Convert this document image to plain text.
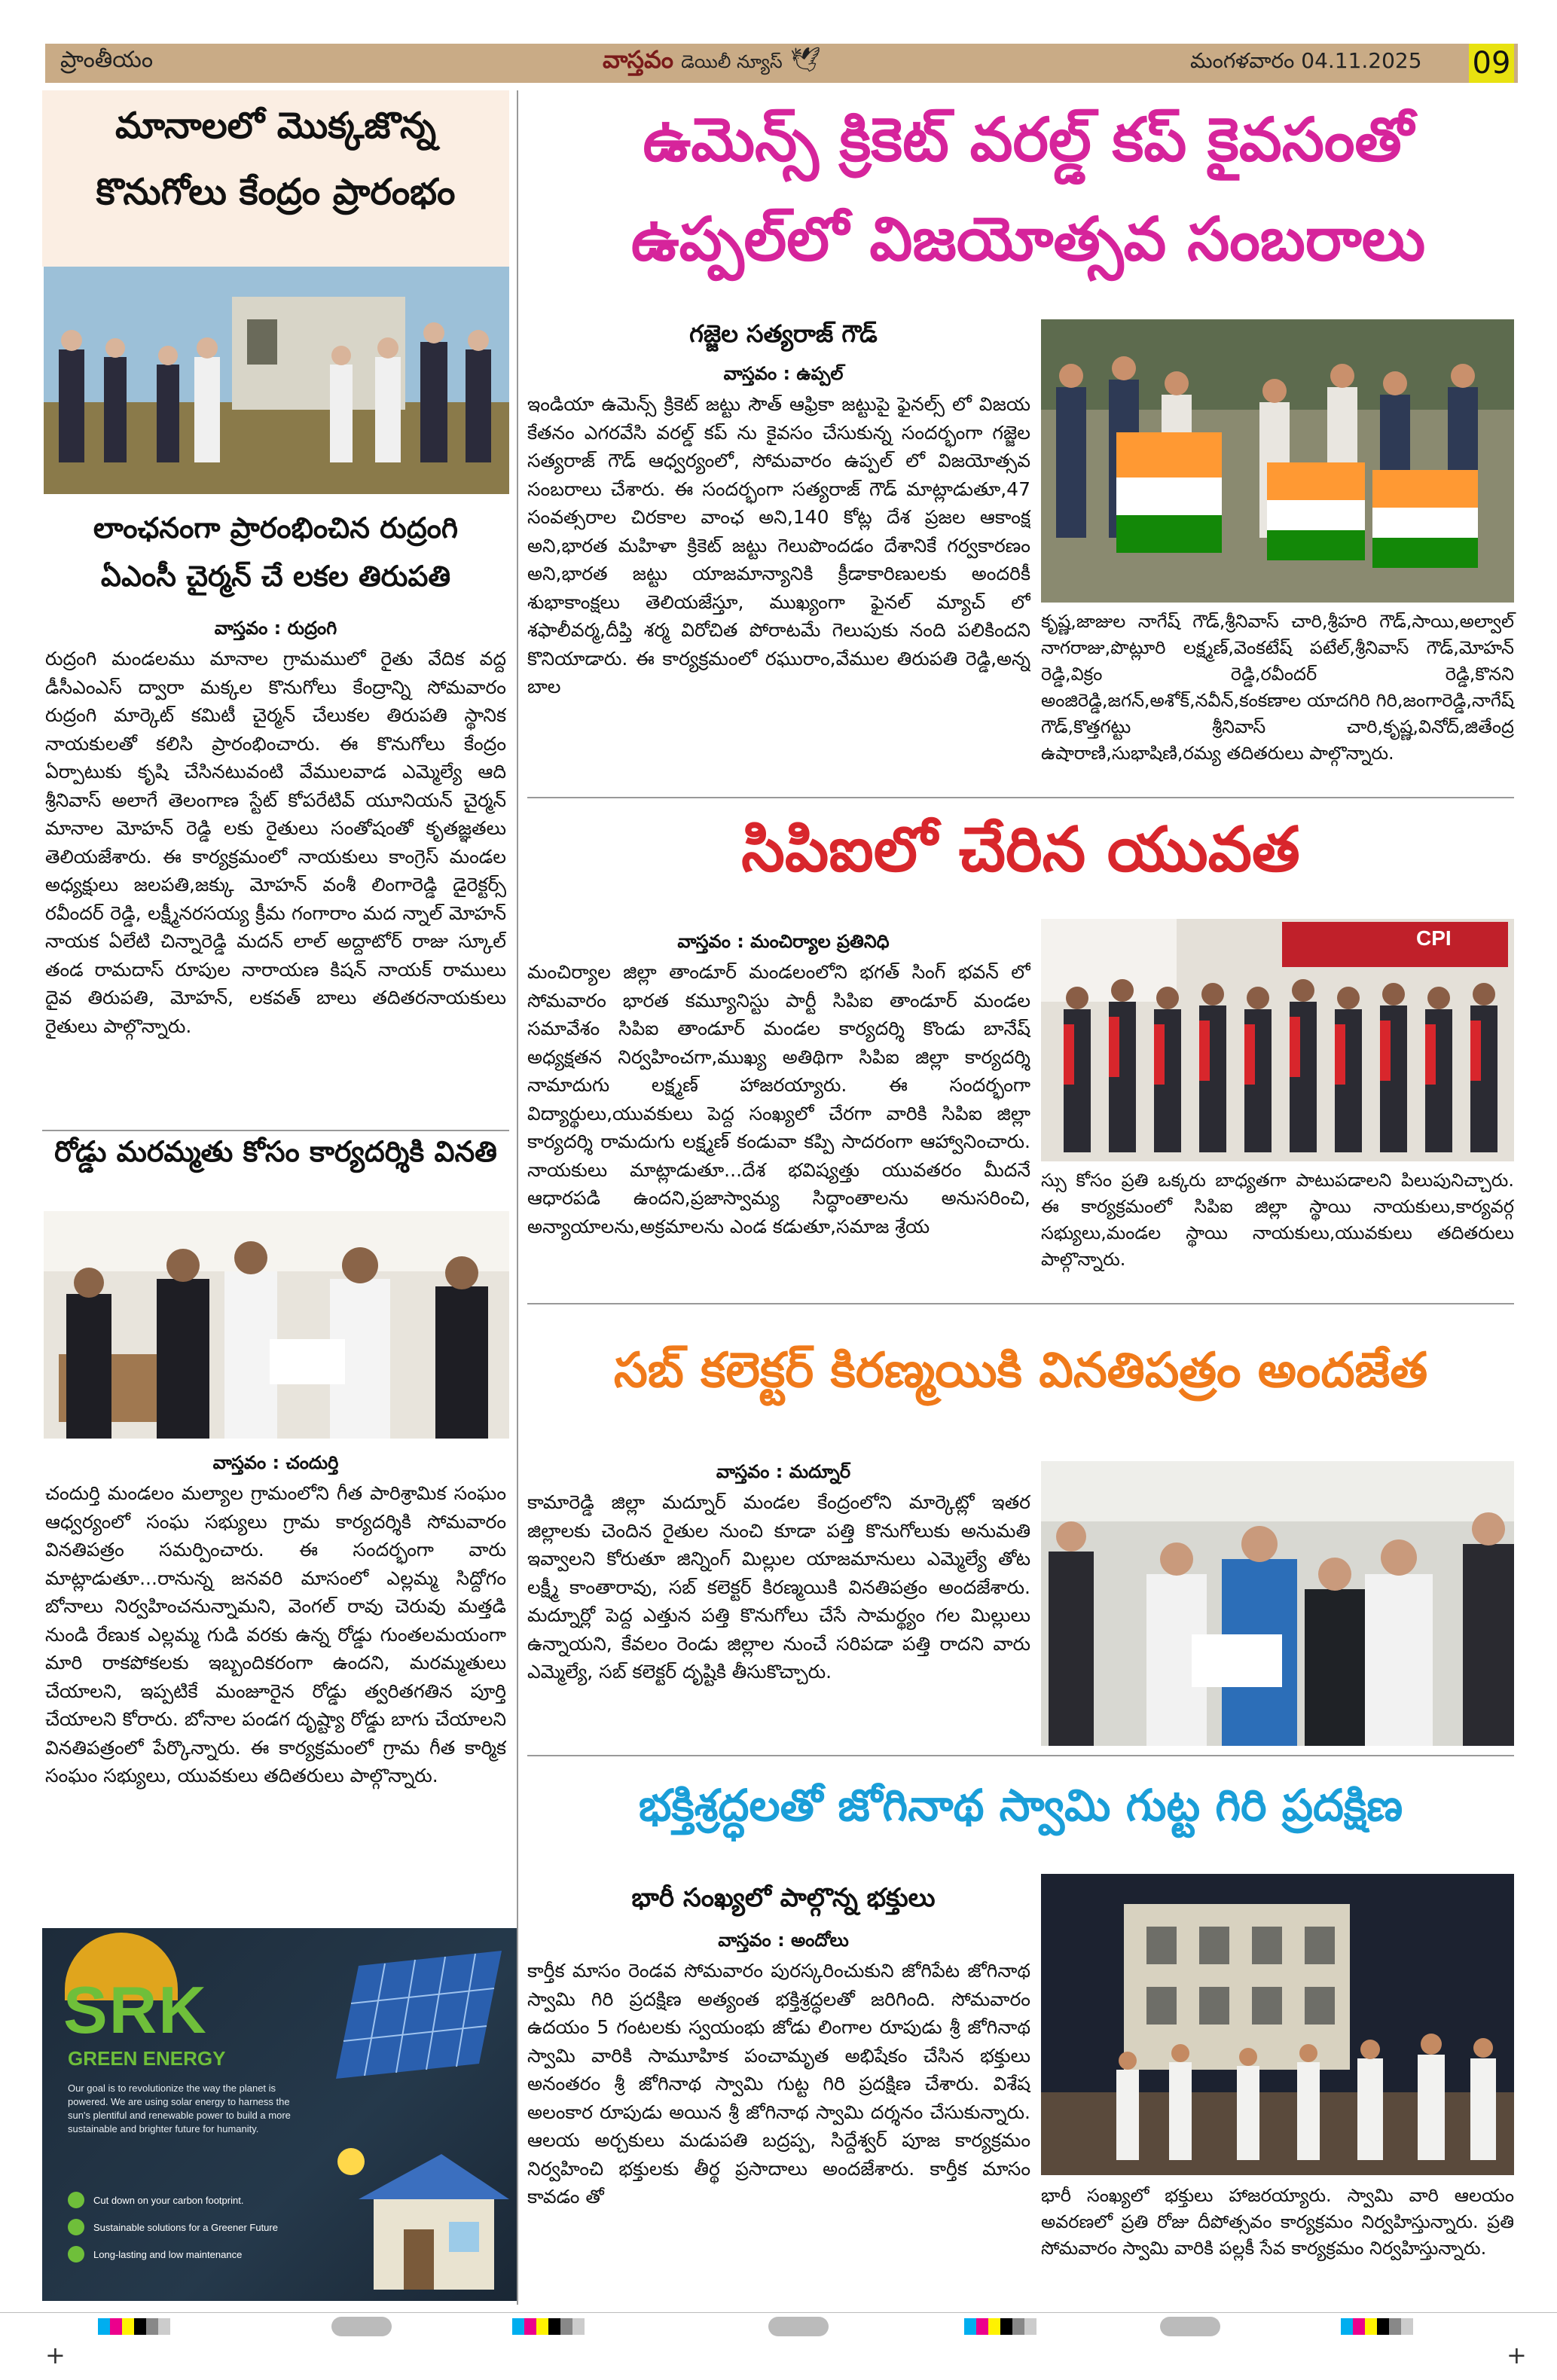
ప్రాంతీయం	వాస్తవం డెయిలీ న్యూస్ 🕊	మంగళవారం 04.11.2025 09
మానాలలో మొక్కజొన్న
కొనుగోలు కేంద్రం ప్రారంభం
లాంఛనంగా ప్రారంభించిన రుద్రంగి
ఏఎంసీ చైర్మన్ చే లకల తిరుపతి
వాస్తవం : రుద్రంగి
రుద్రంగి మండలము మానాల గ్రామములో రైతు వేదిక వద్ద డీసీఎంఎస్ ద్వారా మక్కల కొనుగోలు కేంద్రాన్ని సోమవారం రుద్రంగి మార్కెట్ కమిటీ చైర్మన్ చేలుకల తిరుపతి స్థానిక నాయకులతో కలిసి ప్రారంభించారు. ఈ కొనుగోలు కేంద్రం ఏర్పాటుకు కృషి చేసినటువంటి వేములవాడ ఎమ్మెల్యే ఆది శ్రీనివాస్ అలాగే తెలంగాణ స్టేట్ కోపరేటివ్ యూనియన్ చైర్మన్ మానాల మోహన్ రెడ్డి లకు రైతులు సంతోషంతో కృతజ్ఞతలు తెలియజేశారు. ఈ కార్యక్రమంలో నాయకులు కాంగ్రెస్ మండల అధ్యక్షులు జలపతి,జక్కు మోహన్ వంశీ లింగారెడ్డి డైరెక్టర్స్ రవీందర్ రెడ్డి, లక్ష్మీనరసయ్య క్రీమ గంగారాం మద న్నాల్ మోహన్ నాయక ఏలేటి చిన్నారెడ్డి మదన్ లాల్ అద్దాటోర్ రాజు స్కూల్ తండ రామదాస్ రూపుల నారాయణ కిషన్ నాయక్ రాములు దైవ తిరుపతి, మోహన్, లకవత్ బాలు తదితరనాయకులు రైతులు పాల్గొన్నారు.
రోడ్డు మరమ్మతు కోసం కార్యదర్శికి వినతి
వాస్తవం : చందుర్తి
చందుర్తి మండలం మల్యాల గ్రామంలోని గీత పారిశ్రామిక సంఘం ఆధ్వర్యంలో సంఘ సభ్యులు గ్రామ కార్యదర్శికి సోమవారం వినతిపత్రం సమర్పించారు. ఈ సందర్భంగా వారు మాట్లాడుతూ...రానున్న జనవరి మాసంలో ఎల్లమ్మ సిద్దోగం బోనాలు నిర్వహించనున్నామని, వెంగల్ రావు చెరువు మత్తడి నుండి రేణుక ఎల్లమ్మ గుడి వరకు ఉన్న రోడ్డు గుంతలమయంగా మారి రాకపోకలకు ఇబ్బందికరంగా ఉందని, మరమ్మతులు చేయాలని, ఇప్పటికే మంజూరైన రోడ్డు త్వరితగతిన పూర్తి చేయాలని కోరారు. బోనాల పండగ దృష్ట్యా రోడ్డు బాగు చేయాలని వినతిపత్రంలో పేర్కొన్నారు. ఈ కార్యక్రమంలో గ్రామ గీత కార్మిక సంఘం సభ్యులు, యువకులు తదితరులు పాల్గొన్నారు.
SRK
GREEN ENERGY
Our goal is to revolutionize the way the planet is powered. We are using solar energy to harness the sun's plentiful and renewable power to build a more sustainable and brighter future for humanity.
Cut down on your carbon footprint.
Sustainable solutions for a Greener Future
Long-lasting and low maintenance
ఉమెన్స్ క్రికెట్ వరల్డ్ కప్ కైవసంతో
ఉప్పల్‌లో విజయోత్సవ సంబరాలు
గజ్జెల సత్యరాజ్ గౌడ్
వాస్తవం : ఉప్పల్
ఇండియా ఉమెన్స్ క్రికెట్ జట్టు సౌత్ ఆఫ్రికా జట్టుపై ఫైనల్స్ లో విజయ కేతనం ఎగరవేసి వరల్డ్ కప్ ను కైవసం చేసుకున్న సందర్భంగా గజ్జెల సత్యరాజ్ గౌడ్ ఆధ్వర్యంలో, సోమవారం ఉప్పల్ లో విజయోత్సవ సంబరాలు చేశారు. ఈ సందర్భంగా సత్యరాజ్ గౌడ్ మాట్లాడుతూ,47 సంవత్సరాల చిరకాల వాంఛ అని,140 కోట్ల దేశ ప్రజల ఆకాంక్ష అని,భారత మహిళా క్రికెట్ జట్టు గెలుపొందడం దేశానికే గర్వకారణం అని,భారత జట్టు యాజమాన్యానికి క్రీడాకారిణులకు అందరికీ శుభాకాంక్షలు తెలియజేస్తూ, ముఖ్యంగా ఫైనల్ మ్యాచ్ లో శఫాలీవర్మ,దీప్తి శర్మ విరోచిత పోరాటమే గెలుపుకు నంది పలికిందని కొనియాడారు. ఈ కార్యక్రమంలో రఘురాం,వేముల తిరుపతి రెడ్డి,అన్న బాల
కృష్ణ,జాజుల నాగేష్ గౌడ్,శ్రీనివాస్ చారి,శ్రీహరి గౌడ్,సాయి,అల్వాల్ నాగరాజు,పొట్లూరి లక్ష్మణ్,వెంకటేష్ పటేల్,శ్రీనివాస్ గౌడ్,మోహన్ రెడ్డి,విక్రం రెడ్డి,రవీందర్ రెడ్డి,కొనని అంజిరెడ్డి,జగన్,అశోక్,నవీన్,కంకణాల యాదగిరి గిరి,జంగారెడ్డి,నాగేష్ గౌడ్,కొత్తగట్టు శ్రీనివాస్ చారి,కృష్ణ,వినోద్,జితేంద్ర ఉషారాణి,సుభాషిణి,రమ్య తదితరులు పాల్గొన్నారు.
సిపిఐలో చేరిన యువత
వాస్తవం : మంచిర్యాల ప్రతినిధి
మంచిర్యాల జిల్లా తాండూర్ మండలంలోని భగత్ సింగ్ భవన్ లో సోమవారం భారత కమ్యూనిస్టు పార్టీ సిపిఐ తాండూర్ మండల సమావేశం సిపిఐ తాండూర్ మండల కార్యదర్శి కొండు బానేష్ అధ్యక్షతన నిర్వహించగా,ముఖ్య అతిథిగా సిపిఐ జిల్లా కార్యదర్శి నామాదుగు లక్ష్మణ్ హాజరయ్యారు. ఈ సందర్భంగా విద్యార్థులు,యువకులు పెద్ద సంఖ్యలో చేరగా వారికి సిపిఐ జిల్లా కార్యదర్శి రామదుగు లక్ష్మణ్ కండువా కప్పి సాదరంగా ఆహ్వానించారు. నాయకులు మాట్లాడుతూ...దేశ భవిష్యత్తు యువతరం మీదనే ఆధారపడి ఉందని,ప్రజాస్వామ్య సిద్ధాంతాలను అనుసరించి, అన్యాయాలను,అక్రమాలను ఎండ కడుతూ,సమాజ శ్రేయ
CPI
స్సు కోసం ప్రతి ఒక్కరు బాధ్యతగా పాటుపడాలని పిలుపునిచ్చారు. ఈ కార్యక్రమంలో సిపిఐ జిల్లా స్థాయి నాయకులు,కార్యవర్గ సభ్యులు,మండల స్థాయి నాయకులు,యువకులు తదితరులు పాల్గొన్నారు.
సబ్ కలెక్టర్ కిరణ్మయికి వినతిపత్రం అందజేత
వాస్తవం : మద్నూర్
కామారెడ్డి జిల్లా మద్నూర్ మండల కేంద్రంలోని మార్కెట్లో ఇతర జిల్లాలకు చెందిన రైతుల నుంచి కూడా పత్తి కొనుగోలుకు అనుమతి ఇవ్వాలని కోరుతూ జిన్నింగ్ మిల్లుల యాజమానులు ఎమ్మెల్యే తోట లక్ష్మీ కాంతారావు, సబ్ కలెక్టర్ కిరణ్మయికి వినతిపత్రం అందజేశారు. మద్నూర్లో పెద్ద ఎత్తున పత్తి కొనుగోలు చేసే సామర్థ్యం గల మిల్లులు ఉన్నాయని, కేవలం రెండు జిల్లాల నుంచే సరిపడా పత్తి రాదని వారు ఎమ్మెల్యే, సబ్ కలెక్టర్ దృష్టికి తీసుకొచ్చారు.
భక్తిశ్రద్ధలతో జోగినాథ స్వామి గుట్ట గిరి ప్రదక్షిణ
భారీ సంఖ్యలో పాల్గొన్న భక్తులు
వాస్తవం : అందోలు
కార్తీక మాసం రెండవ సోమవారం పురస్కరించుకుని జోగిపేట జోగినాథ స్వామి గిరి ప్రదక్షిణ అత్యంత భక్తిశ్రద్ధలతో జరిగింది. సోమవారం ఉదయం 5 గంటలకు స్వయంభు జోడు లింగాల రూపుడు శ్రీ జోగినాథ స్వామి వారికి సామూహిక పంచామృత అభిషేకం చేసిన భక్తులు అనంతరం శ్రీ జోగినాథ స్వామి గుట్ట గిరి ప్రదక్షిణ చేశారు. విశేష అలంకార రూపుడు అయిన శ్రీ జోగినాథ స్వామి దర్శనం చేసుకున్నారు. ఆలయ అర్చకులు మడుపతి బద్రప్ప, సిద్దేశ్వర్ పూజ కార్యక్రమం నిర్వహించి భక్తులకు తీర్థ ప్రసాదాలు అందజేశారు. కార్తీక మాసం కావడం తో	భారీ సంఖ్యలో భక్తులు హాజరయ్యారు. స్వామి వారి ఆలయం అవరణలో ప్రతి రోజు దీపోత్సవం కార్యక్రమం నిర్వహిస్తున్నారు. ప్రతి సోమవారం స్వామి వారికి పల్లకీ సేవ కార్యక్రమం నిర్వహిస్తున్నారు.
+	+
